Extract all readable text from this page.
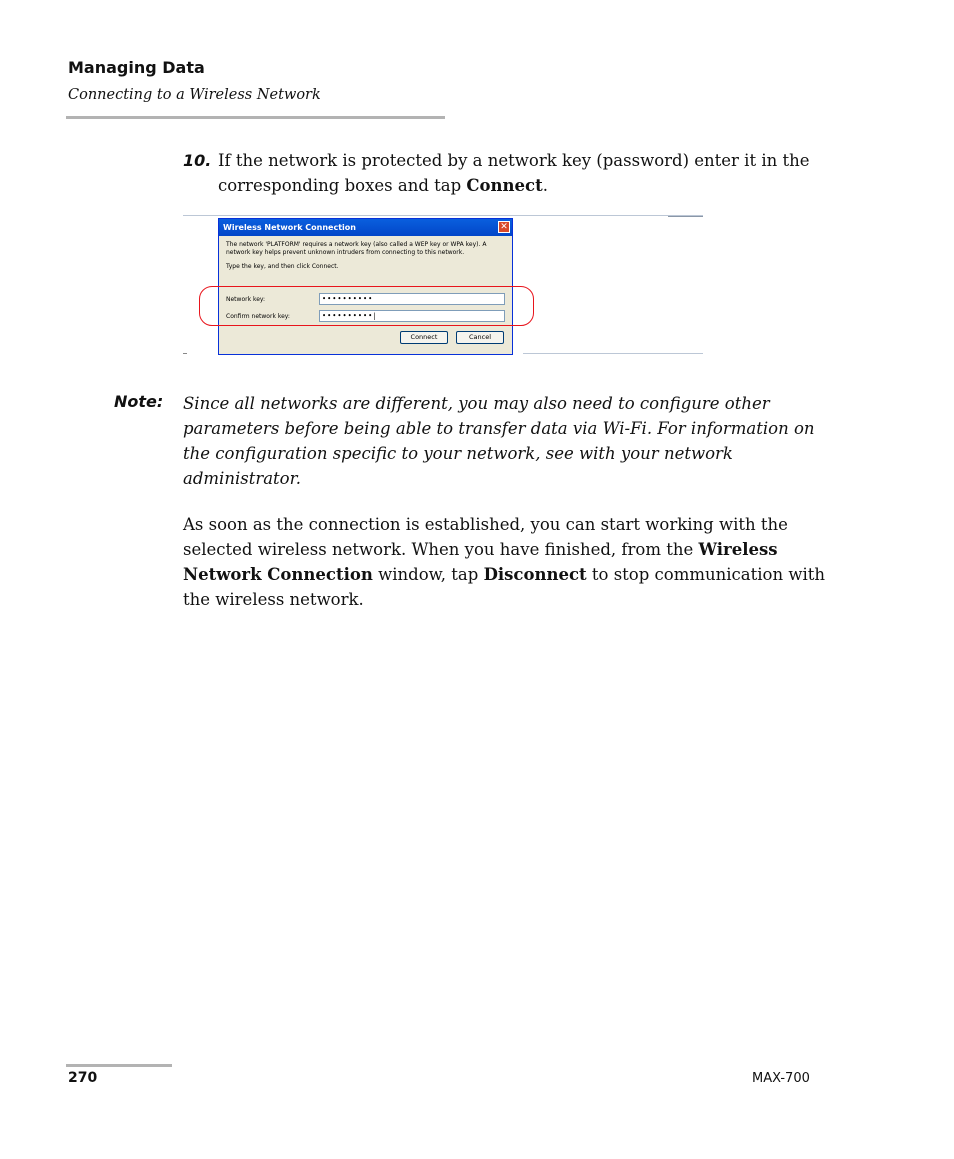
Managing Data
Connecting to a Wireless Network
10. If the network is protected by a network key (password) enter it in the corresponding boxes and tap Connect.
Wireless Network Connection	✕

The network 'PLATFORM' requires a network key (also called a WEP key or WPA key). A network key helps prevent unknown intruders from connecting to this network.

Type the key, and then click Connect.

Network key:	••••••••••
Confirm network key:	••••••••••|
Connect	Cancel
Note: Since all networks are different, you may also need to configure other parameters before being able to transfer data via Wi-Fi. For information on the configuration specific to your network, see with your network administrator.
As soon as the connection is established, you can start working with the selected wireless network. When you have finished, from the Wireless Network Connection window, tap Disconnect to stop communication with the wireless network.
270	MAX-700
